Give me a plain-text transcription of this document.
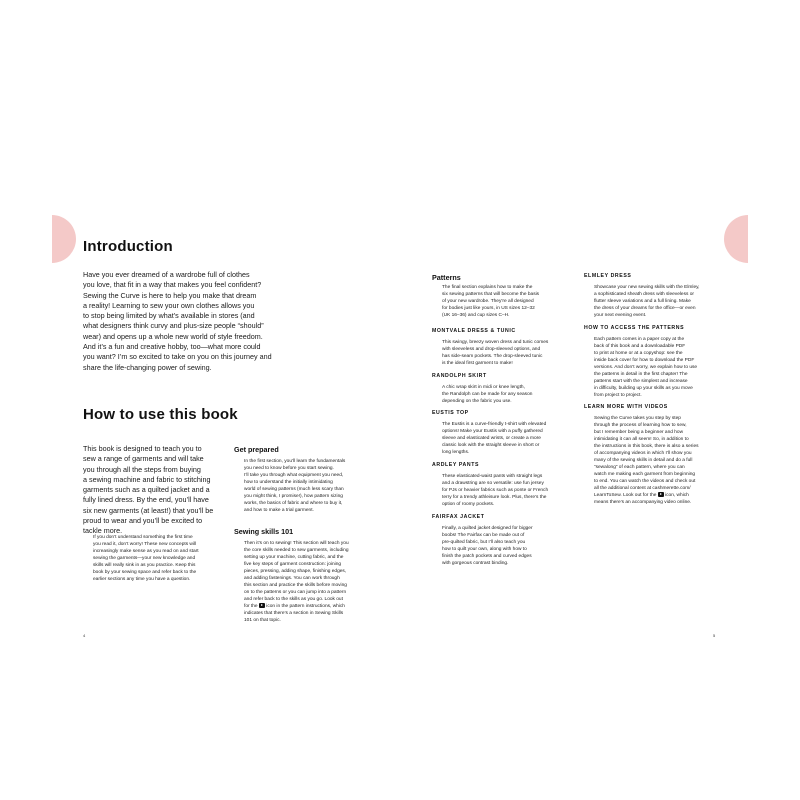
Introduction

Have you ever dreamed of a wardrobe full of clothes

you love, that fit in a way that makes you feel confident?

Sewing the Curve is here to help you make that dream

a reality! Learning to sew your own clothes allows you

to stop being limited by what’s available in stores (and

what designers think curvy and plus-size people “should”

wear) and opens up a whole new world of style freedom.

And it’s a fun and creative hobby, too—what more could

you want? I’m so excited to take on you on this journey and

share the life-changing power of sewing.

How to use this book

This book is designed to teach you to

sew a range of garments and will take

you through all the steps from buying

a sewing machine and fabric to stitching

garments such as a quilted jacket and a

fully lined dress. By the end, you’ll have

six new garments (at least!) that you’ll be

proud to wear and you’ll be excited to

tackle more.

If you don’t understand something the first time

you read it, don’t worry! These new concepts will

increasingly make sense as you read on and start

sewing the garments—your new knowledge and

skills will really sink in as you practice. Keep this

book by your sewing space and refer back to the

earlier sections any time you have a question.

Get prepared

In the first section, you’ll learn the fundamentals

you need to know before you start sewing.

I’ll take you through what equipment you need,

how to understand the initially intimidating

world of sewing patterns (much less scary than

you might think, I promise!), how pattern sizing

works, the basics of fabric and where to buy it,

and how to make a trial garment.

Sewing skills 101

Then it’s on to sewing! This section will teach you

the core skills needed to sew garments, including

setting up your machine, cutting fabric, and the

five key steps of garment construction: joining

pieces, pressing, adding shape, finishing edges,

and adding fastenings. You can work through

this section and practice the skills before moving

on to the patterns or you can jump into a pattern

and refer back to the skills as you go. Look out

for the icon in the pattern instructions, which

indicates that there’s a section in Sewing Skills

101 on that topic.

4
Patterns

The final section explains how to make the

six sewing patterns that will become the basis

of your new wardrobe. They’re all designed

for bodies just like yours, in US sizes 12–32

(UK 16–36) and cup sizes C–H.

MONTVALE DRESS & TUNIC

This swingy, breezy woven dress and tunic comes

with sleeveless and drop-sleeved options, and

has side-seam pockets. The drop-sleeved tunic

is the ideal first garment to make!

RANDOLPH SKIRT

A chic wrap skirt in midi or knee length,

the Randolph can be made for any season

depending on the fabric you use.

EUSTIS TOP

The Eustis is a curve-friendly t-shirt with elevated

options! Make your Eustis with a puffy gathered

sleeve and elasticated wrists, or create a more

classic look with the straight sleeve in short or

long lengths.

ARDLEY PANTS

These elasticated-waist pants with straight legs

and a drawstring are so versatile: use fun jersey

for PJs or heavier fabrics such as ponte or French

terry for a trendy athleisure look. Plus, there’s the

option of roomy pockets.

FAIRFAX JACKET

Finally, a quilted jacket designed for bigger

boobs! The Fairfax can be made out of

pre-quilted fabric, but I’ll also teach you

how to quilt your own, along with how to

finish the patch pockets and curved edges

with gorgeous contrast binding.

ELMLEY DRESS

Showcase your new sewing skills with the Elmley,

a sophisticated sheath dress with sleeveless or

flutter sleeve variations and a full lining. Make

the dress of your dreams for the office—or even

your next evening event.

HOW TO ACCESS THE PATTERNS

Each pattern comes in a paper copy at the

back of this book and a downloadable PDF

to print at home or at a copyshop: see the

inside back cover for how to download the PDF

versions. And don’t worry, we explain how to use

the patterns in detail in the first chapter! The

patterns start with the simplest and increase

in difficulty, building up your skills as you move

from project to project.

LEARN MORE WITH VIDEOS

Sewing the Curve takes you step by step

through the process of learning how to sew,

but I remember being a beginner and how

intimidating it can all seem! So, in addition to

the instructions in this book, there is also a series

of accompanying videos in which I’ll show you

many of the sewing skills in detail and do a full

“sewalong” of each pattern, where you can

watch me making each garment from beginning

to end. You can watch the videos and check out

all the additional content at cashmerette.com/

LearnToSew. Look out for the icon, which

means there’s an accompanying video online.

5
